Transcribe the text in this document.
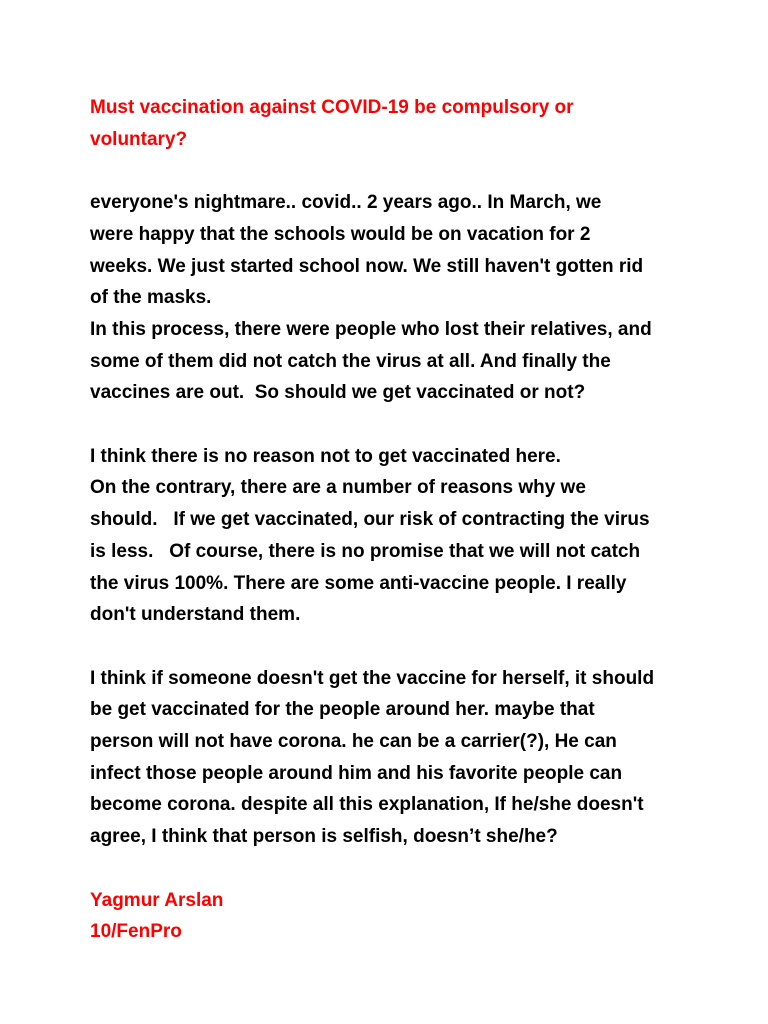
Must vaccination against COVID-19 be compulsory or
voluntary?
everyone's nightmare.. covid.. 2 years ago.. In March, we
were happy that the schools would be on vacation for 2
weeks. We just started school now. We still haven't gotten rid
of the masks.
In this process, there were people who lost their relatives, and
some of them did not catch the virus at all. And finally the
vaccines are out.  So should we get vaccinated or not?
I think there is no reason not to get vaccinated here.
On the contrary, there are a number of reasons why we
should.   If we get vaccinated, our risk of contracting the virus
is less.   Of course, there is no promise that we will not catch
the virus 100%. There are some anti-vaccine people. I really
don't understand them.
I think if someone doesn't get the vaccine for herself, it should
be get vaccinated for the people around her. maybe that
person will not have corona. he can be a carrier(?), He can
infect those people around him and his favorite people can
become corona. despite all this explanation, If he/she doesn't
agree, I think that person is selfish, doesn’t she/he?
Yagmur Arslan
10/FenPro
